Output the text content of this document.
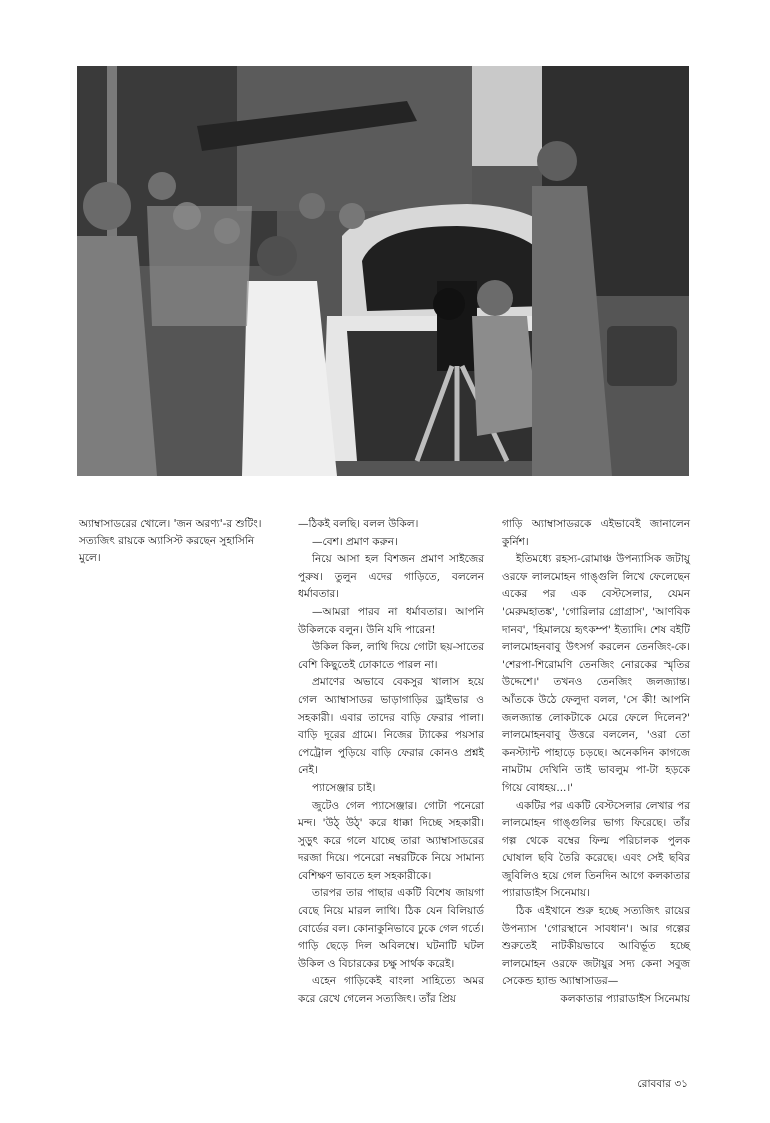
অ্যাম্বাসাডরের খোলে। 'জন অরণ্য'-র শুটিং। সত্যজিৎ রায়কে অ্যাসিস্ট করছেন সুহাসিনি মুলে।

—ঠিকই বলছি। বলল উকিল।

—বেশ। প্রমাণ করুন।

নিয়ে আসা হল বিশজন প্রমাণ সাইজের পুরুষ। তুলুন এদের গাড়িতে, বললেন ধর্মাবতার।

—আমরা পারব না ধর্মাবতার। আপনি উকিলকে বলুন। উনি যদি পারেন!

উকিল কিল, লাথি দিয়ে গোটা ছয়-সাতের বেশি কিছুতেই ঢোকাতে পারল না।

প্রমাণের অভাবে বেকসুর খালাস হয়ে গেল অ্যাম্বাসাডর ভাড়াগাড়ির ড্রাইভার ও সহকারী। এবার তাদের বাড়ি ফেরার পালা। বাড়ি দূরের গ্রামে। নিজের ট্যাকের পয়সার পেট্রোল পুড়িয়ে বাড়ি ফেরার কোনও প্রশ্নই নেই।

প্যাসেঞ্জার চাই।

জুটেও গেল প্যাসেঞ্জার। গোটা পনেরো মন্দ। 'উঠ্ উঠ্' করে ধাক্কা দিচ্ছে সহকারী। সুড়ুৎ করে গলে যাচ্ছে তারা অ্যাম্বাসাডরের দরজা দিয়ে। পনেরো নম্বরটিকে নিয়ে সামান্য বেশিক্ষণ ভাবতে হল সহকারীকে।

তারপর তার পাছার একটি বিশেষ জায়গা বেছে নিয়ে মারল লাথি। ঠিক যেন বিলিয়ার্ড বোর্ডের বল। কোনাকুনিভাবে ঢুকে গেল গর্তে। গাড়ি ছেড়ে দিল অবিলম্বে। ঘটনাটি ঘটল উকিল ও বিচারকের চক্ষু সার্থক করেই।

এহেন গাড়িকেই বাংলা সাহিত্যে অমর করে রেখে গেলেন সত্যজিৎ। তাঁর প্রিয়

গাড়ি অ্যাম্বাসাডরকে এইভাবেই জানালেন কুর্নিশ।

ইতিমধ্যে রহস্য-রোমাঞ্চ উপন্যাসিক জটায়ু ওরফে লালমোহন গাঙ্গুলি লিখে ফেলেছেন একের পর এক বেস্টসেলার, যেমন 'মেরুমহাতঙ্ক', 'গোরিলার গ্রোগ্রাস', 'আণবিক দানব', 'হিমালয়ে হৃৎকম্প' ইত্যাদি। শেষ বইটি লালমোহনবাবু উৎসর্গ করলেন তেনজিং-কে। 'শেরপা-শিরোমণি তেনজিং নোরকের স্মৃতির উদ্দেশে।' তখনও তেনজিং জলজ্যান্ত। আঁতকে উঠে ফেলুদা বলল, 'সে কী! আপনি জলজ্যান্ত লোকটাকে মেরে ফেলে দিলেন?' লালমোহনবাবু উত্তরে বললেন, 'ওরা তো কনস্ট্যান্ট পাহাড়ে চড়ছে। অনেকদিন কাগজে নামটাম দেখিনি তাই ভাবলুম পা-টা হড়কে গিয়ে বোধহয়...।'

একটির পর একটি বেস্টসেলার লেখার পর লালমোহন গাঙ্গুলির ভাগ্য ফিরেছে। তাঁর গল্প থেকে বম্বের ফিল্ম পরিচালক পুলক ঘোষাল ছবি তৈরি করেছে। এবং সেই ছবির জুবিলিও হয়ে গেল তিনদিন আগে কলকাতার প্যারাডাইস সিনেমায়।

ঠিক এইখানে শুরু হচ্ছে সত্যজিৎ রায়ের উপন্যাস 'গোরস্থানে সাবধান'। আর গল্পের শুরুতেই নাটকীয়ভাবে আবির্ভূত হচ্ছে লালমোহন ওরফে জটায়ুর সদ্য কেনা সবুজ সেকেন্ড হ্যান্ড অ্যাম্বাসাডর—

কলকাতার প্যারাডাইস সিনেমায়

রোববার ৩১
